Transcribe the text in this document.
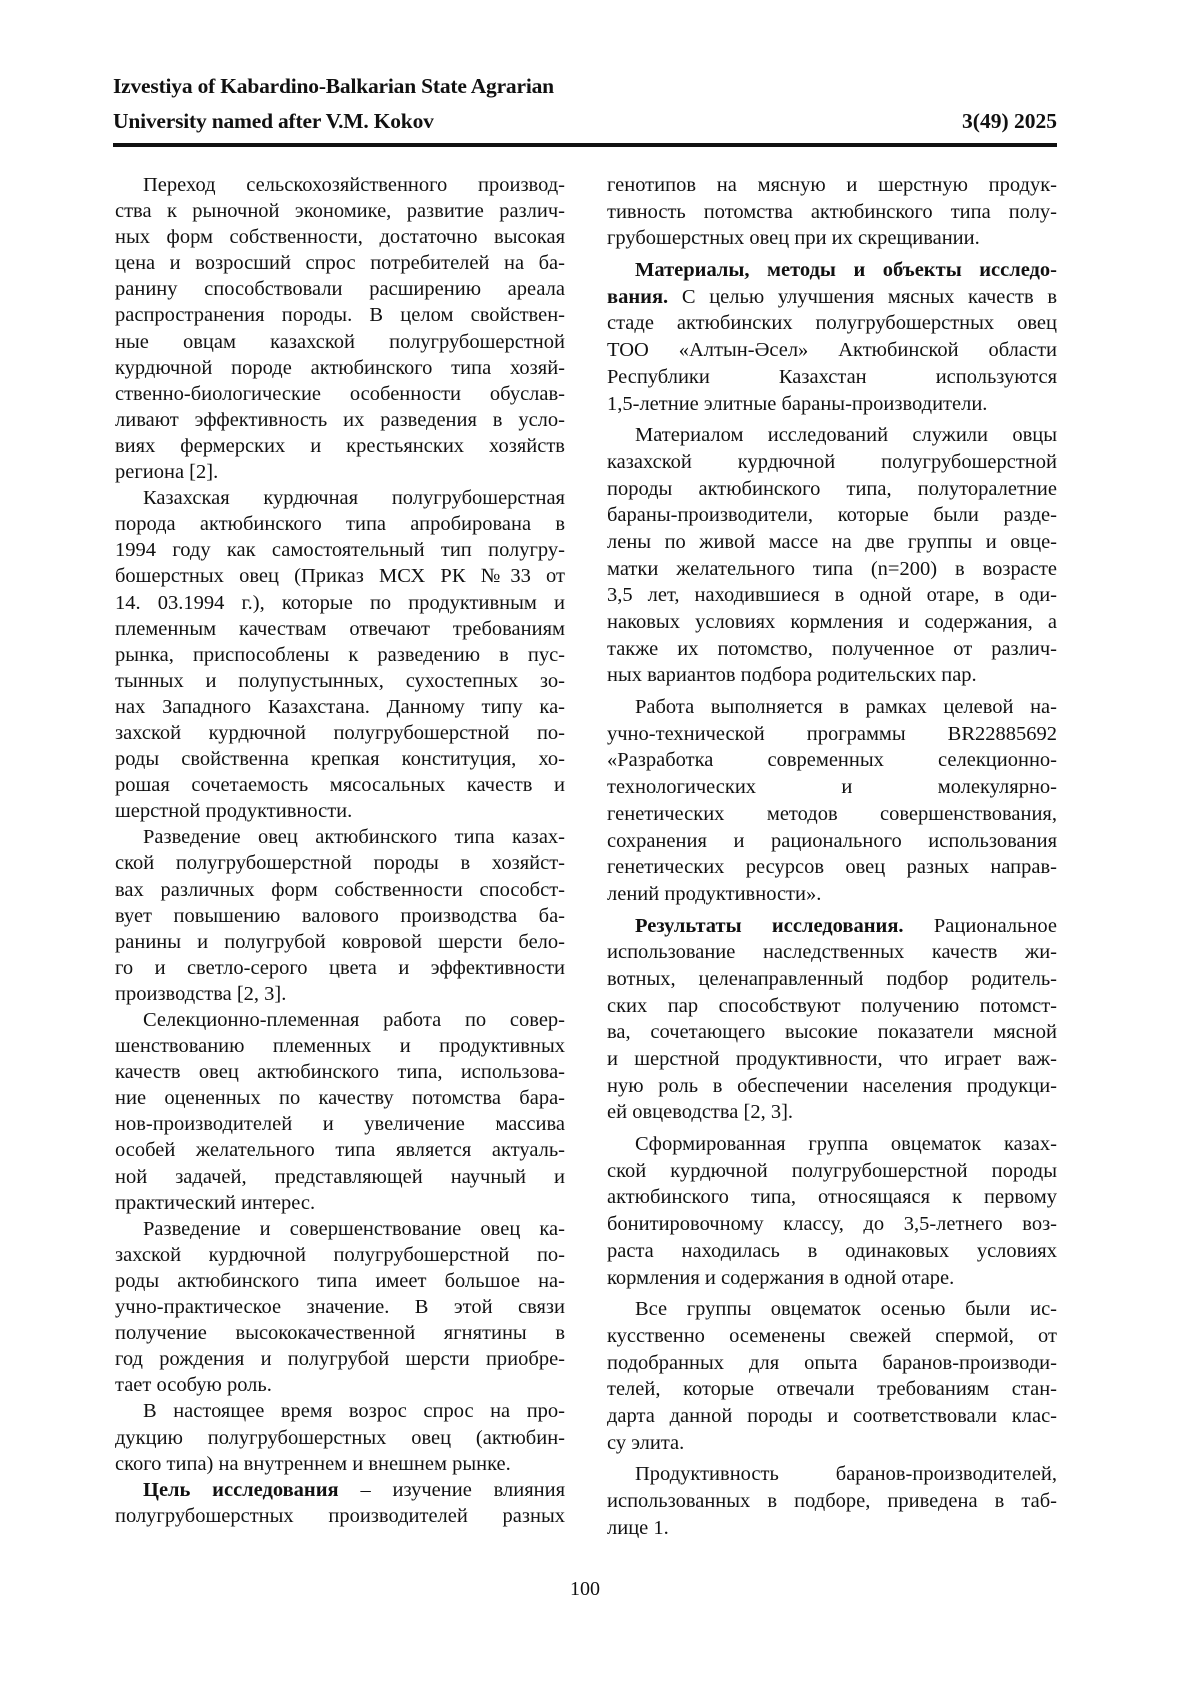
Izvestiya of Kabardino-Balkarian State Agrarian
University named after V.M. Kokov	3(49) 2025
Переход сельскохозяйственного производ-
ства к рыночной экономике, развитие различ-
ных форм собственности, достаточно высокая
цена и возросший спрос потребителей на ба-
ранину способствовали расширению ареала
распространения породы. В целом свойствен-
ные овцам казахской полугрубошерстной
курдючной породе актюбинского типа хозяй-
ственно-биологические особенности обуслав-
ливают эффективность их разведения в усло-
виях фермерских и крестьянских хозяйств
региона [2].
Казахская курдючная полугрубошерстная
порода актюбинского типа апробирована в
1994 году как самостоятельный тип полугру-
бошерстных овец (Приказ МСХ РК №33 от
14. 03.1994 г.), которые по продуктивным и
племенным качествам отвечают требованиям
рынка, приспособлены к разведению в пус-
тынных и полупустынных, сухостепных зо-
нах Западного Казахстана. Данному типу ка-
захской курдючной полугрубошерстной по-
роды свойственна крепкая конституция, хо-
рошая сочетаемость мясосальных качеств и
шерстной продуктивности.
Разведение овец актюбинского типа казах-
ской полугрубошерстной породы в хозяйст-
вах различных форм собственности способст-
вует повышению валового производства ба-
ранины и полугрубой ковровой шерсти бело-
го и светло-серого цвета и эффективности
производства [2, 3].
Селекционно-племенная работа по совер-
шенствованию племенных и продуктивных
качеств овец актюбинского типа, использова-
ние оцененных по качеству потомства бара-
нов-производителей и увеличение массива
особей желательного типа является актуаль-
ной задачей, представляющей научный и
практический интерес.
Разведение и совершенствование овец ка-
захской курдючной полугрубошерстной по-
роды актюбинского типа имеет большое на-
учно-практическое значение. В этой связи
получение высококачественной ягнятины в
год рождения и полугрубой шерсти приобре-
тает особую роль.
В настоящее время возрос спрос на про-
дукцию полугрубошерстных овец (актюбин-
ского типа) на внутреннем и внешнем рынке.
Цель исследования – изучение влияния
полугрубошерстных производителей разных
генотипов на мясную и шерстную продук-
тивность потомства актюбинского типа полу-
грубошерстных овец при их скрещивании.
Материалы, методы и объекты исследо-
вания. С целью улучшения мясных качеств в
стаде актюбинских полугрубошерстных овец
ТОО «Алтын-Әсел» Актюбинской области
Республики Казахстан используются
1,5-летние элитные бараны-производители.
Материалом исследований служили овцы
казахской курдючной полугрубошерстной
породы актюбинского типа, полуторалетние
бараны-производители, которые были разде-
лены по живой массе на две группы и овце-
матки желательного типа (n=200) в возрасте
3,5 лет, находившиеся в одной отаре, в оди-
наковых условиях кормления и содержания, а
также их потомство, полученное от различ-
ных вариантов подбора родительских пар.
Работа выполняется в рамках целевой на-
учно-технической программы BR22885692
«Разработка современных селекционно-
технологических и молекулярно-
генетических методов совершенствования,
сохранения и рационального использования
генетических ресурсов овец разных направ-
лений продуктивности».
Результаты исследования. Рациональное
использование наследственных качеств жи-
вотных, целенаправленный подбор родитель-
ских пар способствуют получению потомст-
ва, сочетающего высокие показатели мясной
и шерстной продуктивности, что играет важ-
ную роль в обеспечении населения продукци-
ей овцеводства [2, 3].
Сформированная группа овцематок казах-
ской курдючной полугрубошерстной породы
актюбинского типа, относящаяся к первому
бонитировочному классу, до 3,5-летнего воз-
раста находилась в одинаковых условиях
кормления и содержания в одной отаре.
Все группы овцематок осенью были ис-
кусственно осеменены свежей спермой, от
подобранных для опыта баранов-производи-
телей, которые отвечали требованиям стан-
дарта данной породы и соответствовали клас-
су элита.
Продуктивность баранов-производителей,
использованных в подборе, приведена в таб-
лице 1.
100
